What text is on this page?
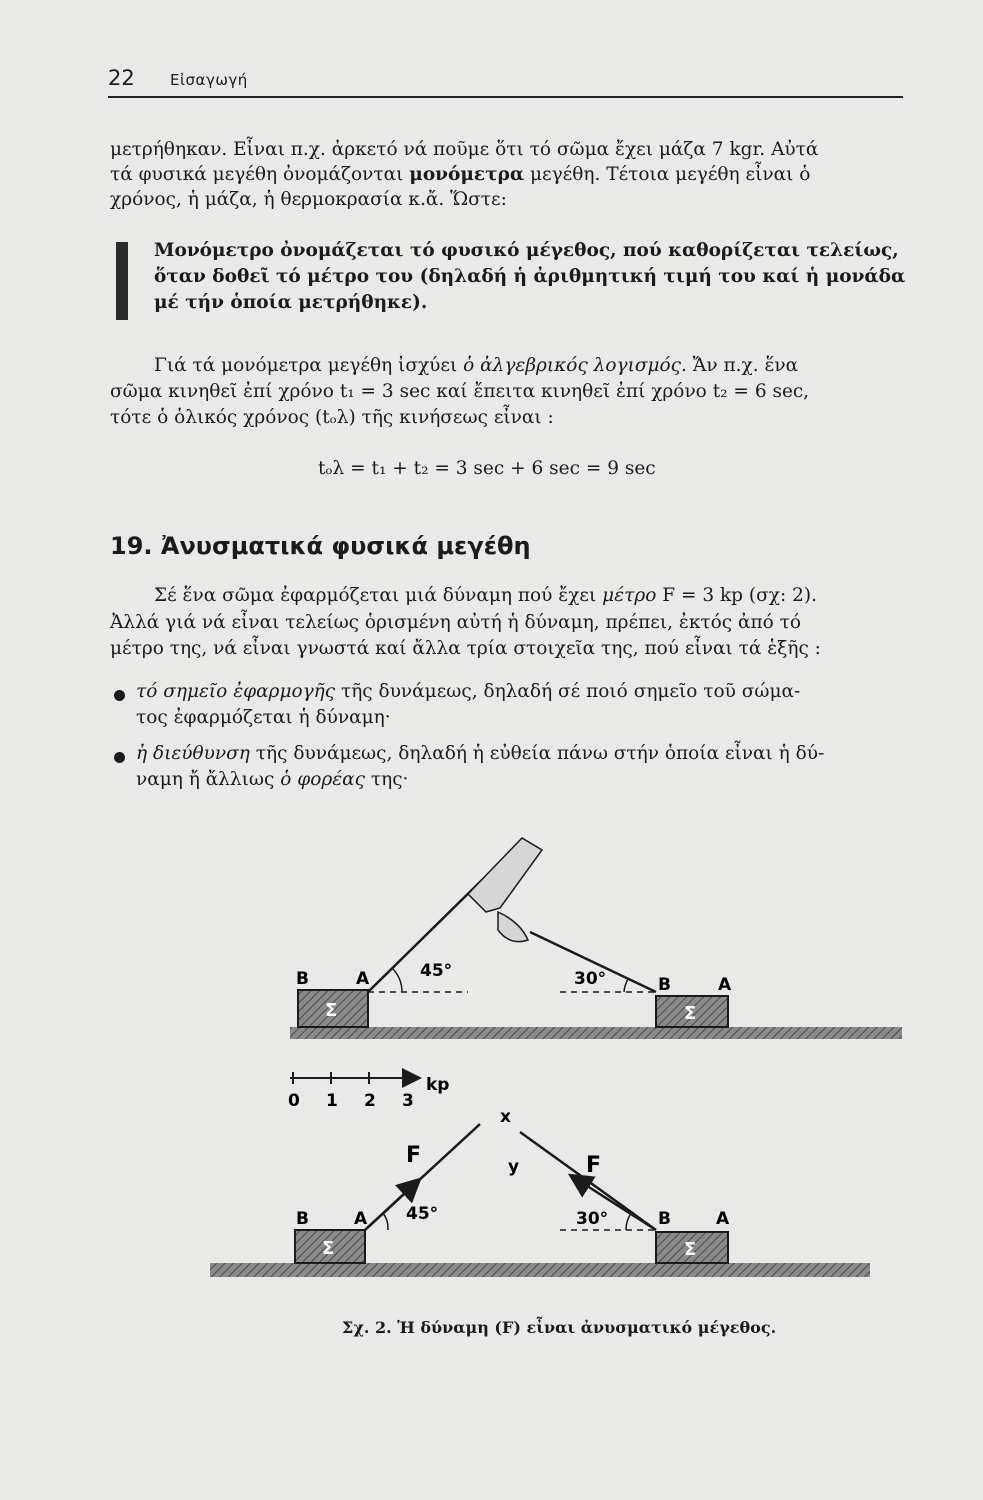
22 Εἰσαγωγή

μετρήθηκαν. Εἶναι π.χ. ἀρκετό νά ποῦμε ὅτι τό σῶμα ἔχει μάζα 7 kgr. Αὐτά

τά φυσικά μεγέθη ὀνομάζονται μονόμετρα μεγέθη. Τέτοια μεγέθη εἶναι ὁ

χρόνος, ἡ μάζα, ἡ θερμοκρασία κ.ἄ. Ὥστε:

Μονόμετρο ὀνομάζεται τό φυσικό μέγεθος, πού καθορίζεται τελείως,
ὅταν δοθεῖ τό μέτρο του (δηλαδή ἡ ἀριθμητική τιμή του καί ἡ μονάδα
μέ τήν ὁποία μετρήθηκε).

Γιά τά μονόμετρα μεγέθη ἰσχύει ὁ ἀλγεβρικός λογισμός. Ἄν π.χ. ἕνα

σῶμα κινηθεῖ ἐπί χρόνο t₁ = 3 sec καί ἔπειτα κινηθεῖ ἐπί χρόνο t₂ = 6 sec,

τότε ὁ ὁλικός χρόνος (tₒλ) τῆς κινήσεως εἶναι :

tₒλ = t₁ + t₂ = 3 sec + 6 sec = 9 sec
19. Ἀνυσματικά φυσικά μεγέθη

Σέ ἕνα σῶμα ἐφαρμόζεται μιά δύναμη πού ἔχει μέτρο F = 3 kp (σχ: 2).

Ἀλλά γιά νά εἶναι τελείως ὁρισμένη αὐτή ἡ δύναμη, πρέπει, ἐκτός ἀπό τό

μέτρο της, νά εἶναι γνωστά καί ἄλλα τρία στοιχεῖα της, πού εἶναι τά ἑξῆς :

τό σημεῖο ἐφαρμογῆς τῆς δυνάμεως, δηλαδή σέ ποιό σημεῖο τοῦ σώμα-

τος ἐφαρμόζεται ἡ δύναμη·

ἡ διεύθυνση τῆς δυνάμεως, δηλαδή ἡ εὐθεία πάνω στήν ὁποία εἶναι ἡ δύ-

ναμη ἤ ἄλλιως ὁ φορέας της·

Σ
B	A	45°	30°
Σ
B	A
0 1 2 3
kp
x
y
F
Σ
B	A 45°
F
30°
Σ
B	A
Σχ. 2. Ἡ δύναμη (F) εἶναι ἀνυσματικό μέγεθος.
